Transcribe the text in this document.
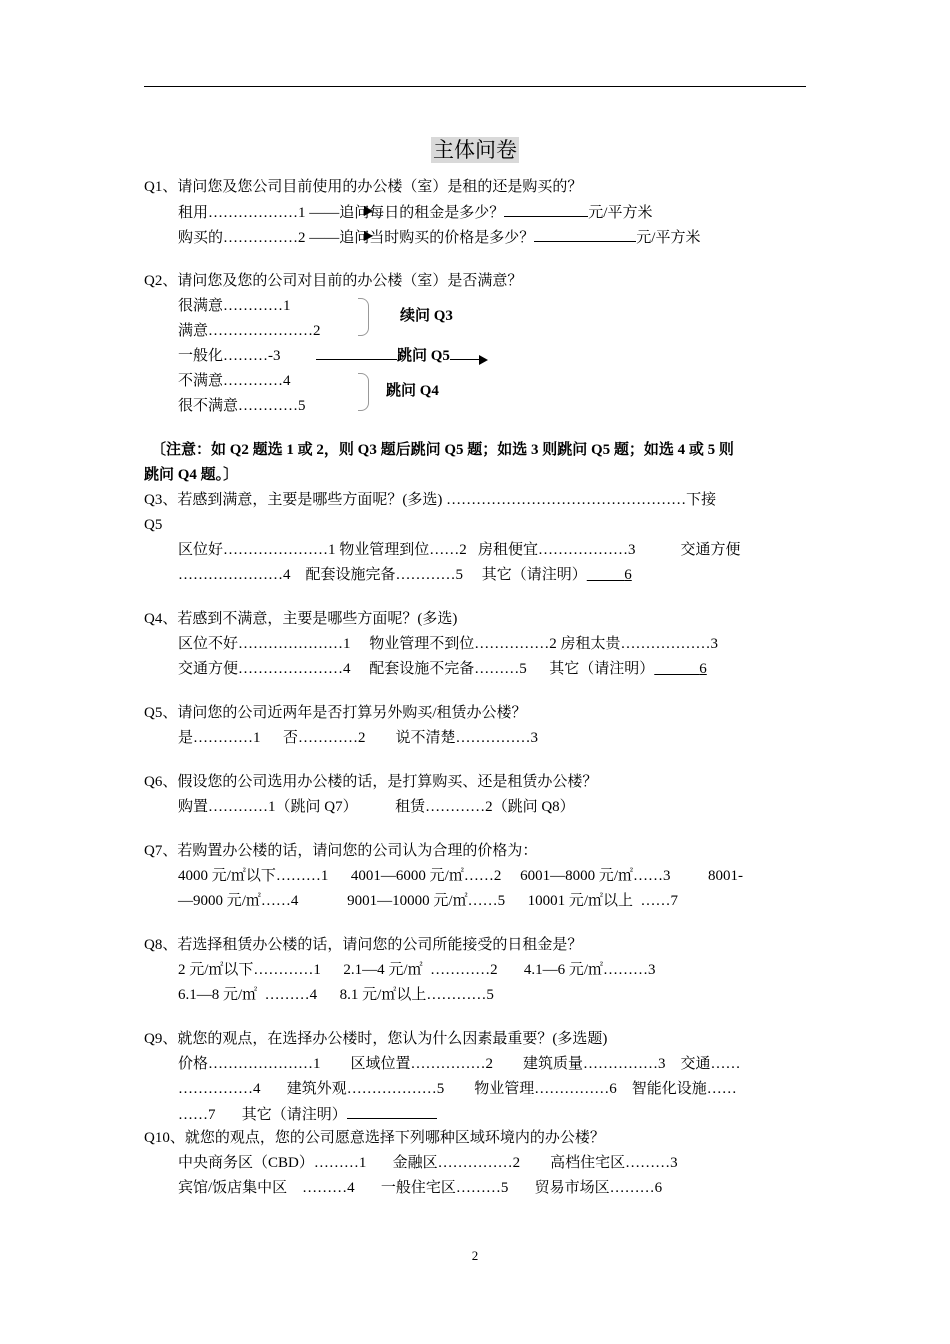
主体问卷
Q1、请问您及您公司目前使用的办公楼（室）是租的还是购买的？
租用………………1 ——追问每日的租金是多少？	元/平方米
购买的……………2 ——追问当时购买的价格是多少？	元/平方米
Q2、请问您及您的公司对目前的办公楼（室）是否满意？
很满意…………1
满意…………………2
一般化………-3
不满意…………4
很不满意…………5
续问 Q3
跳问 Q5
跳问 Q4
〔注意：如 Q2 题选 1 或 2，则 Q3 题后跳问 Q5 题；如选 3 则跳问 Q5 题；如选 4 或 5 则
跳问 Q4 题。〕
Q3、若感到满意，主要是哪些方面呢？(多选) …………………………………………下接
Q5
区位好…………………1 物业管理到位……2   房租便宜………………3            交通方便
…………………4    配套设施完备…………5     其它（请注明）	6
Q4、若感到不满意，主要是哪些方面呢？(多选)
区位不好…………………1     物业管理不到位……………2 房租太贵………………3
交通方便…………………4     配套设施不完备………5      其它（请注明）	6
Q5、请问您的公司近两年是否打算另外购买/租赁办公楼？
是…………1      否…………2        说不清楚……………3
Q6、假设您的公司选用办公楼的话，是打算购买、还是租赁办公楼？
购置…………1（跳问 Q7）          租赁…………2（跳问 Q8）
Q7、若购置办公楼的话，请问您的公司认为合理的价格为：
4000 元/㎡以下………1      4001—6000 元/㎡……2     6001—8000 元/㎡……3          8001-
—9000 元/㎡……4             9001—10000 元/㎡……5      10001 元/㎡以上  ……7
Q8、若选择租赁办公楼的话，请问您的公司所能接受的日租金是？
2 元/㎡以下…………1      2.1—4 元/㎡  …………2       4.1—6 元/㎡………3
6.1—8 元/㎡  ………4      8.1 元/㎡以上…………5
Q9、就您的观点，在选择办公楼时，您认为什么因素最重要？(多选题)
价格…………………1        区域位置……………2        建筑质量……………3    交通……
……………4       建筑外观………………5        物业管理……………6    智能化设施……
……7       其它（请注明）
Q10、就您的观点，您的公司愿意选择下列哪种区域环境内的办公楼？
中央商务区（CBD）………1       金融区……………2        高档住宅区………3
宾馆/饭店集中区    ………4       一般住宅区………5       贸易市场区………6
2
